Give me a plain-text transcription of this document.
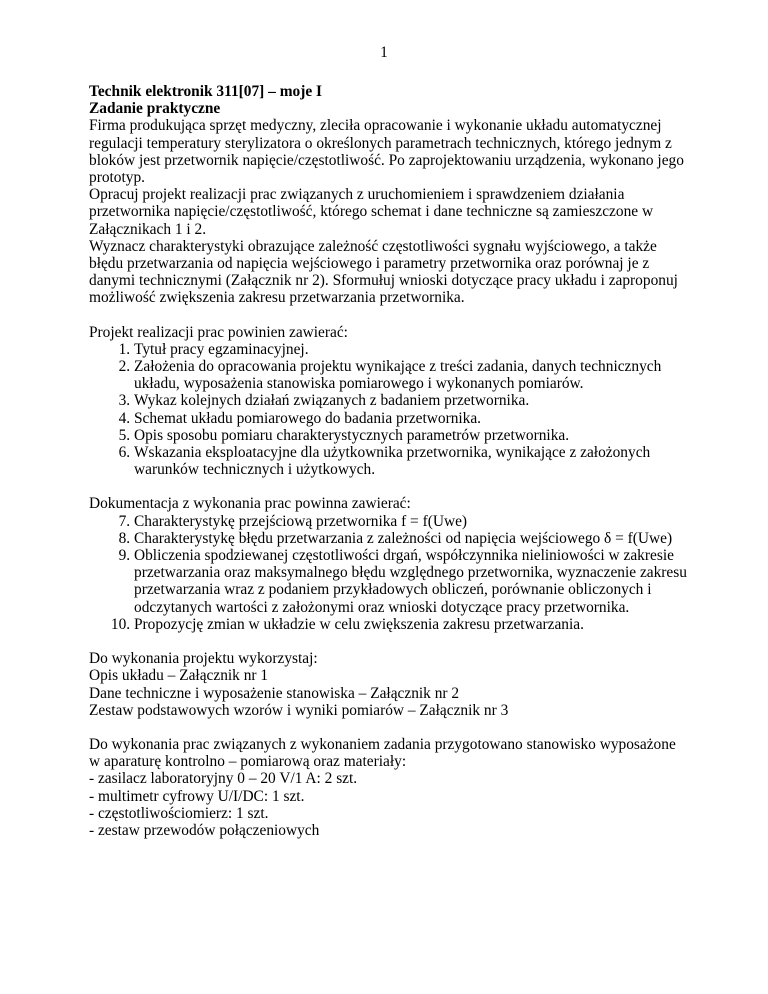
1

Technik elektronik 311[07] – moje I

Zadanie praktyczne

Firma produkująca sprzęt medyczny, zleciła opracowanie i wykonanie układu automatycznej regulacji temperatury sterylizatora o określonych parametrach technicznych, którego jednym z bloków jest przetwornik napięcie/częstotliwość. Po zaprojektowaniu urządzenia, wykonano jego prototyp.

Opracuj projekt realizacji prac związanych z uruchomieniem i sprawdzeniem działania przetwornika napięcie/częstotliwość, którego schemat i dane techniczne są zamieszczone w Załącznikach 1 i 2.

Wyznacz charakterystyki obrazujące zależność częstotliwości sygnału wyjściowego, a także błędu przetwarzania od napięcia wejściowego i parametry przetwornika oraz porównaj je z danymi technicznymi (Załącznik nr 2). Sformułuj wnioski dotyczące pracy układu i zaproponuj możliwość zwiększenia zakresu przetwarzania przetwornika.

Projekt realizacji prac powinien zawierać:

1. Tytuł pracy egzaminacyjnej.
2. Założenia do opracowania projektu wynikające z treści zadania, danych technicznych układu, wyposażenia stanowiska pomiarowego i wykonanych pomiarów.
3. Wykaz kolejnych działań związanych z badaniem przetwornika.
4. Schemat układu pomiarowego do badania przetwornika.
5. Opis sposobu pomiaru charakterystycznych parametrów przetwornika.
6. Wskazania eksploatacyjne dla użytkownika przetwornika, wynikające z założonych warunków technicznych i użytkowych.

Dokumentacja z wykonania prac powinna zawierać:

7. Charakterystykę przejściową przetwornika f = f(Uwe)
8. Charakterystykę błędu przetwarzania z zależności od napięcia wejściowego δ = f(Uwe)
9. Obliczenia spodziewanej częstotliwości drgań, współczynnika nieliniowości w zakresie przetwarzania oraz maksymalnego błędu względnego przetwornika, wyznaczenie zakresu przetwarzania wraz z podaniem przykładowych obliczeń, porównanie obliczonych i odczytanych wartości z założonymi oraz wnioski dotyczące pracy przetwornika.
10. Propozycję zmian w układzie w celu zwiększenia zakresu przetwarzania.

Do wykonania projektu wykorzystaj:

Opis układu – Załącznik nr 1

Dane techniczne i wyposażenie stanowiska – Załącznik nr 2

Zestaw podstawowych wzorów i wyniki pomiarów – Załącznik nr 3

Do wykonania prac związanych z wykonaniem zadania przygotowano stanowisko wyposażone w aparaturę kontrolno – pomiarową oraz materiały:

- zasilacz laboratoryjny 0 – 20 V/1 A: 2 szt.

- multimetr cyfrowy U/I/DC: 1 szt.

- częstotliwościomierz: 1 szt.

- zestaw przewodów połączeniowych
